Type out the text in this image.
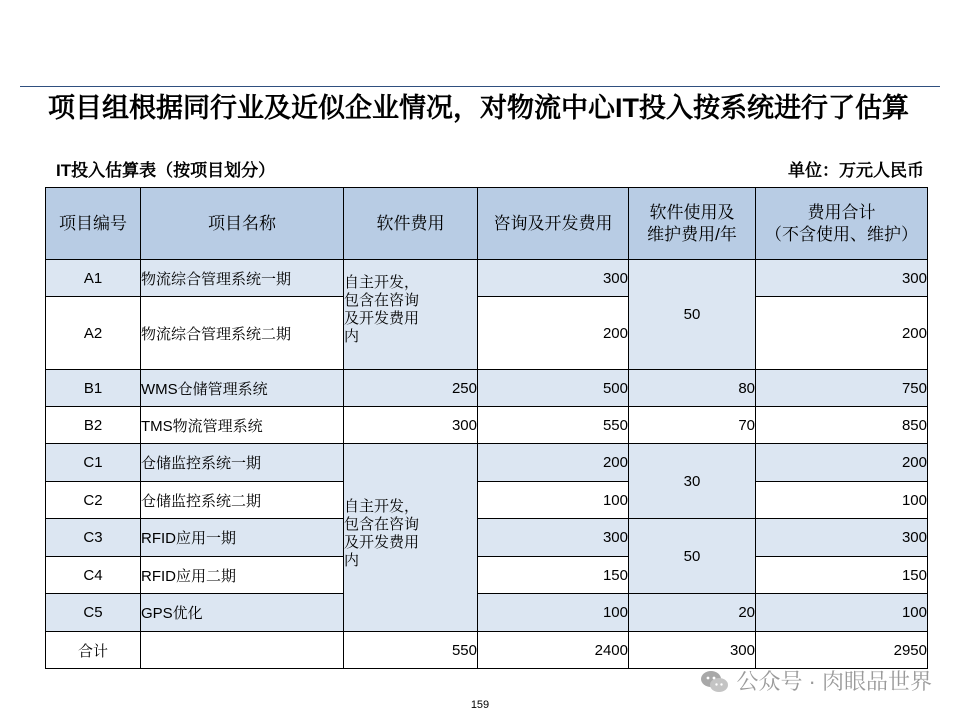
项目组根据同行业及近似企业情况，对物流中心IT投入按系统进行了估算
IT投入估算表（按项目划分）	单位：万元人民币
项目编号	项目名称	软件费用	咨询及开发费用	软件使用及
维护费用/年	费用合计
（不含使用、维护）
A1	物流综合管理系统一期	自主开发，
包含在咨询
及开发费用
内	300	50	300
A2	物流综合管理系统二期		200		200
B1	WMS仓储管理系统	250	500	80	750
B2	TMS物流管理系统	300	550	70	850
C1	仓储监控系统一期	自主开发，
包含在咨询
及开发费用
内	200	30	200
C2	仓储监控系统二期		100		100
C3	RFID应用一期		300	50	300
C4	RFID应用二期		150		150
C5	GPS优化		100	20	100
合计		550	2400	300	2950
公众号 · 肉眼品世界
159
